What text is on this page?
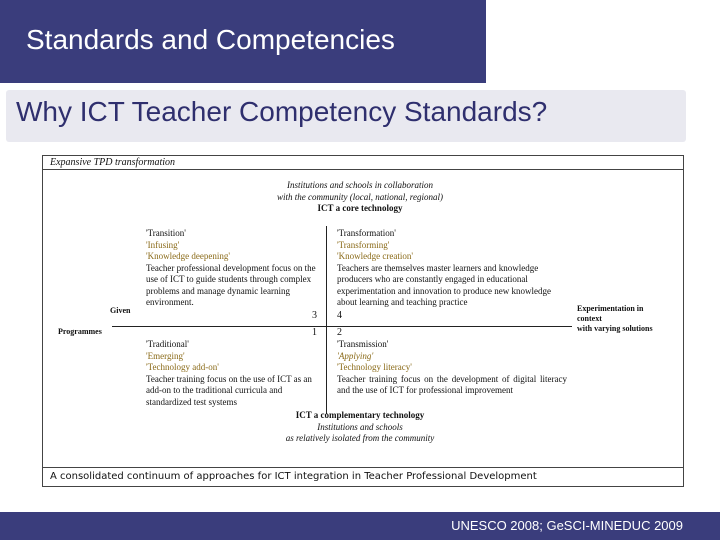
Standards and Competencies
Why ICT Teacher Competency Standards?
Expansive TPD transformation
Institutions and schools in collaboration
with the community (local, national, regional)
ICT a core technology
'Transition'
'Infusing'
'Knowledge deepening'
Teacher professional development focus on the use of ICT to guide students through complex problems and manage dynamic learning environment.
3
'Transformation'
'Transforming'
'Knowledge creation'
Teachers are themselves master learners and knowledge producers who are constantly engaged in educational experimentation and innovation to produce new knowledge about learning and teaching practice
4
1
'Traditional'
'Emerging'
'Technology add-on'
Teacher training focus on the use of ICT as an add-on to the traditional curricula and standardized test systems
2
'Transmission'
'Applying'
'Technology literacy'
Teacher training focus on the development of digital literacy and the use of ICT for professional improvement
Given
Programmes
Experimentation in
context
with varying solutions
ICT a complementary technology
Institutions and schools
as relatively isolated from the community
A consolidated continuum of approaches for ICT integration in Teacher Professional Development
UNESCO 2008; GeSCI-MINEDUC 2009
